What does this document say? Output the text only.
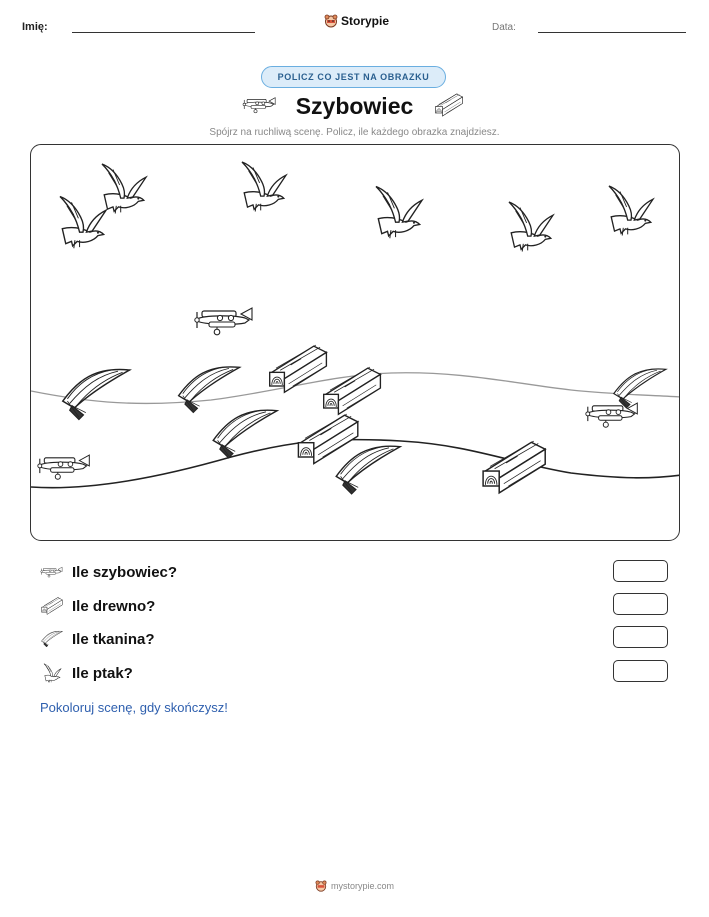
Imię:	Storypie	Data:
POLICZ CO JEST NA OBRAZKU
Szybowiec
Spójrz na ruchliwą scenę. Policz, ile każdego obrazka znajdziesz.
Ile szybowiec?
Ile drewno?
Ile tkanina?
Ile ptak?
Pokoloruj scenę, gdy skończysz!
mystorypie.com
